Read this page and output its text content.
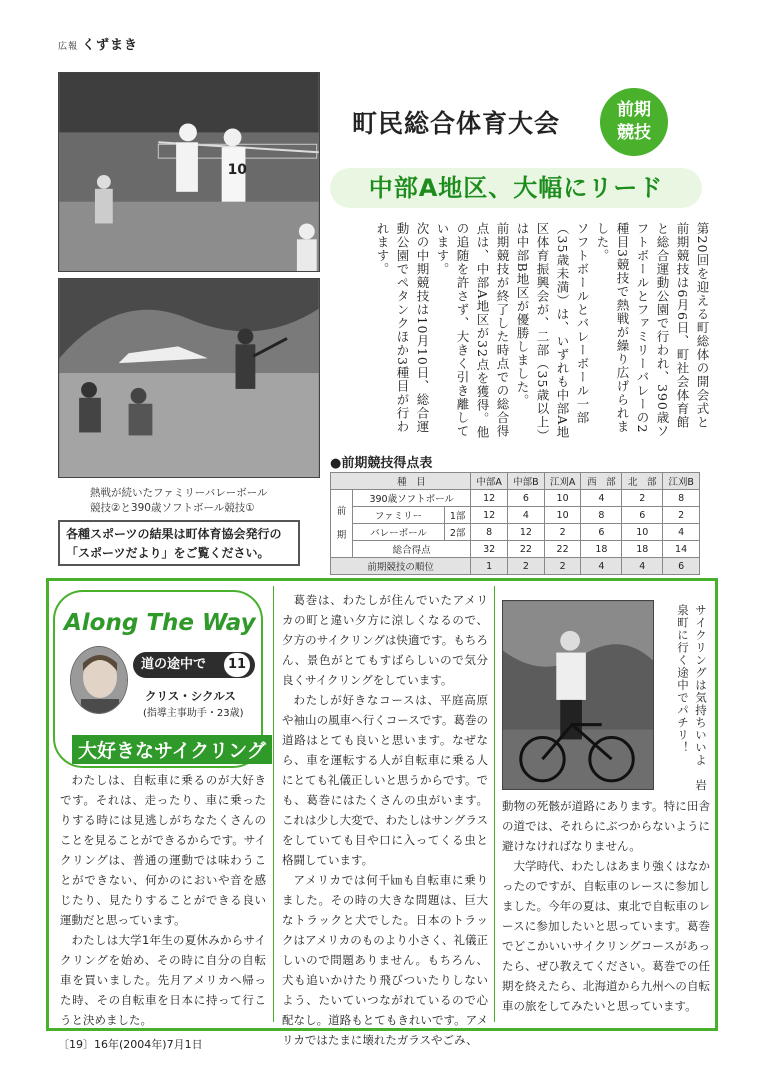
広報 くずまき
10
熱戦が続いたファミリーバレーボール
競技②と390歳ソフトボール競技①
町民総合体育大会	前期
競技
中部A地区、大幅にリード

第20回を迎える町総体の開会式と前期競技は6月6日、町社会体育館と総合運動公園で行われ、390歳ソフトボールとファミリーバレーの2種目3競技で熱戦が繰り広げられました。

ソフトボールとバレーボール一部（35歳未満）は、いずれも中部A地区体育振興会が、二部（35歳以上）は中部B地区が優勝しました。

前期競技が終了した時点での総合得点は、中部A地区が32点を獲得。他の追随を許さず、大きく引き離しています。

次の中期競技は10月10日、総合運動公園でペタンクほか3種目が行われます。

●前期競技得点表
	種　目		中部A	中部B	江刈A	西　部	北　部	江刈B

前
期	390歳ソフトボール		12	6	10	4	2	8
	ファミリー	1部	12	4	10	8	6	2
	バレーボール	2部	8	12	2	6	10	4
	総合得点		32	22	22	18	18	14
前期競技の順位			1	2	2	4	4	6
各種スポーツの結果は町体育協会発行の
「スポーツだより」をご覧ください。
Along The Way
道の途中で	11
クリス・シクルス
(指導主事助手・23歳)
大好きなサイクリング

わたしは、自転車に乗るのが大好きです。それは、走ったり、車に乗ったりする時には見逃しがちなたくさんのことを見ることができるからです。サイクリングは、普通の運動では味わうことができない、何かのにおいや音を感じたり、見たりすることができる良い運動だと思っています。

わたしは大学1年生の夏休みからサイクリングを始め、その時に自分の自転車を買いました。先月アメリカへ帰った時、その自転車を日本に持って行こうと決めました。

葛巻は、わたしが住んでいたアメリカの町と違い夕方に涼しくなるので、夕方のサイクリングは快適です。もちろん、景色がとてもすばらしいので気分良くサイクリングをしています。

わたしが好きなコースは、平庭高原や袖山の風車へ行くコースです。葛巻の道路はとても良いと思います。なぜなら、車を運転する人が自転車に乗る人にとても礼儀正しいと思うからです。でも、葛巻にはたくさんの虫がいます。これは少し大変で、わたしはサングラスをしていても目や口に入ってくる虫と格闘しています。

アメリカでは何千㎞も自転車に乗りました。その時の大きな問題は、巨大なトラックと犬でした。日本のトラックはアメリカのものより小さく、礼儀正しいので問題ありません。もちろん、犬も追いかけたり飛びついたりしないよう、たいていつながれているので心配なし。道路もとてもきれいです。アメリカではたまに壊れたガラスやごみ、

サイクリングは気持ちいいよ　岩泉町に行く途中でパチリ！

動物の死骸が道路にあります。特に田舎の道では、それらにぶつからないように避けなければなりません。

大学時代、わたしはあまり強くはなかったのですが、自転車のレースに参加しました。今年の夏は、東北で自転車のレースに参加したいと思っています。葛巻でどこかいいサイクリングコースがあったら、ぜひ教えてください。葛巻での任期を終えたら、北海道から九州への自転車の旅をしてみたいと思っています。

〔19〕16年(2004年)7月1日
